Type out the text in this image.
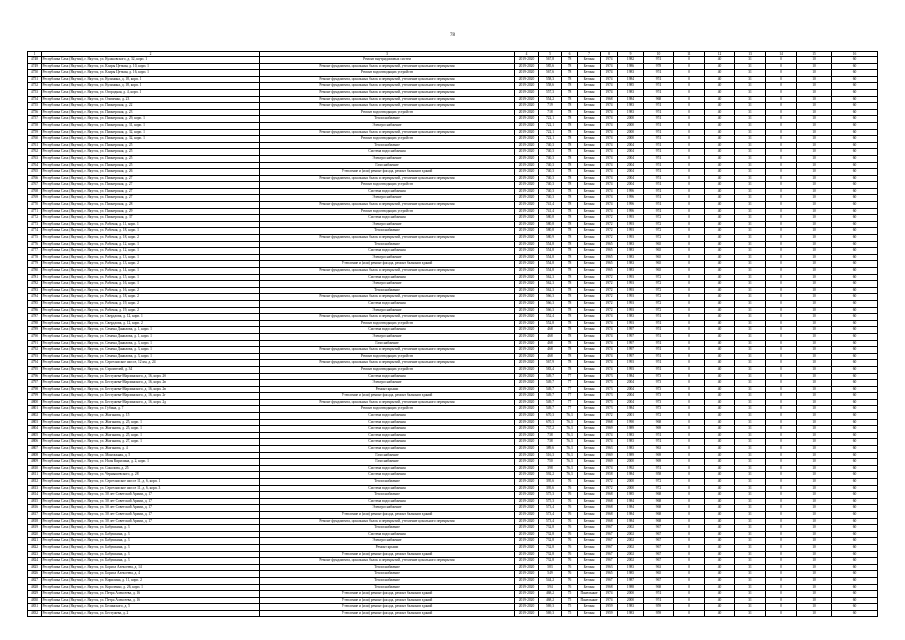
78
1	2	3	4	5	6	7	8	9	10	11	12	13	14	15	16
4748	Республика Саха (Якутия), г. Якутск, ул. Кулаковского, д. 32, корп. 1	Ремонт внутридомовых систем	2019-2020	567,8	78	Бетонн	1974	1982	974	0	40	31	0	10	60
4749	Республика Саха (Якутия), г. Якутск, ул. Клары Цеткин, д. 10, корп. 1	Ремонт фундамента, цокольных балок и перекрытий, утепление цокольного перекрытия	2019-2020	585,6	78	Бетонн	1974	1986	978	0	40	31	0	10	60
4750	Республика Саха (Якутия), г. Якутск, ул. Клары Цеткин, д. 16, корп. 1	Ремонт водоотводящих устройств	2019-2020	567,6	78	Бетонн	1974	1983	974	0	40	31	0	10	60
4751	Республика Саха (Якутия), г. Якутск, ул. Кузьмина, д. 18, корп. 1	Ремонт фундамента, цокольных балок и перекрытий, утепление цокольного перекрытия	2019-2020	558,3	78	Бетонн	1974	1984	974	0	40	31	0	10	60
4752	Республика Саха (Якутия), г. Якутск, ул. Кузьмина, д. 18, корп. 1	Ремонт фундамента, цокольных балок и перекрытий, утепление цокольного перекрытия	2019-2020	558,6	78	Бетонн	1974	1985	974	0	40	31	0	10	60
4753	Республика Саха (Якутия), г. Якутск, ул. Огородная, д. 4, корп. 1	Ремонт фундамента, цокольных балок и перекрытий, утепление цокольного перекрытия	2019-2020	557,3	78	Бетонн	1974	1983	974	0	40	31	0	10	60
4754	Республика Саха (Якутия), г. Якутск, ул. Очиченко, д. 23	Ремонт фундамента, цокольных балок и перекрытий, утепление цокольного перекрытия	2019-2020	554,2	78	Бетонн	1968	1984	968	0	40	31	0	10	60
4755	Республика Саха (Якутия), г. Якутск, ул. Пионерская, д. 22	Ремонт фундамента, цокольных балок и перекрытий, утепление цокольного перекрытия	2019-2020	719	78	Бетонн	1974	1983	974	0	40	31	0	10	60
4756	Республика Саха (Якутия), г. Якутск, ул. Пионерская, д. 23	Ремонт водоотводящих устройств	2019-2020	718	78	Бетонн	1974	1983	974	0	40	31	0	10	60
4757	Республика Саха (Якутия), г. Якутск, ул. Пионерская, д. 29, корп. 1	Теплоснабжение	2019-2020	722,1	78	Бетонн	1974	2000	974	0	40	31	0	10	60
4758	Республика Саха (Якутия), г. Якутск, ул. Пионерская, д. 31, корп. 1	Электроснабжение	2019-2020	722,1	78	Бетонн	1974	2000	974	0	40	31	0	10	60
4759	Республика Саха (Якутия), г. Якутск, ул. Пионерская, д. 32, корп. 1	Ремонт фундамента, цокольных балок и перекрытий, утепление цокольного перекрытия	2019-2020	722,1	78	Бетонн	1974	2000	974	0	40	31	0	10	60
4760	Республика Саха (Якутия), г. Якутск, ул. Пионерская, д. 32, корп. 1	Ремонт водоотводящих устройств	2019-2020	722,1	78	Бетонн	1974	2000	974	0	40	31	0	10	60
4761	Республика Саха (Якутия), г. Якутск, ул. Пионерская, д. 25	Теплоснабжение	2019-2020	740,3	78	Бетонн	1974	2004	974	0	40	31	0	10	60
4762	Республика Саха (Якутия), г. Якутск, ул. Пионерская, д. 25	Система водоснабжения	2019-2020	740,3	78	Бетонн	1974	2004	974	0	40	31	0	10	60
4763	Республика Саха (Якутия), г. Якутск, ул. Пионерская, д. 25	Электроснабжение	2019-2020	740,3	78	Бетонн	1974	2004	974	0	40	31	0	10	60
4764	Республика Саха (Якутия), г. Якутск, ул. Пионерская, д. 25	Газоснабжение	2019-2020	740,3	78	Бетонн	1974	2004	974	0	40	31	0	10	60
4765	Республика Саха (Якутия), г. Якутск, ул. Пионерская, д. 26	Утепление и (или) ремонт фасада, ремонт балконов зданий	2019-2020	740,3	78	Бетонн	1974	2004	974	0	40	31	0	10	60
4766	Республика Саха (Якутия), г. Якутск, ул. Пионерская, д. 27	Ремонт фундамента, цокольных балок и перекрытий, утепление цокольного перекрытия	2019-2020	740,3	78	Бетонн	1974	2004	974	0	40	31	0	10	60
4767	Республика Саха (Якутия), г. Якутск, ул. Пионерская, д. 27	Ремонт водоотводящих устройств	2019-2020	740,3	78	Бетонн	1974	2004	974	0	40	31	0	10	60
4768	Республика Саха (Якутия), г. Якутск, ул. Пионерская, д. 27	Система водоснабжения	2019-2020	740,3	78	Бетонн	1974	1996	974	0	40	31	0	10	60
4769	Республика Саха (Якутия), г. Якутск, ул. Пионерская, д. 27	Электроснабжение	2019-2020	740,3	78	Бетонн	1974	1996	974	0	40	31	0	10	60
4770	Республика Саха (Якутия), г. Якутск, ул. Пионерская, д. 28	Ремонт фундамента, цокольных балок и перекрытий, утепление цокольного перекрытия	2019-2020	741,4	78	Бетонн	1974	1996	974	0	40	31	0	10	60
4771	Республика Саха (Якутия), г. Якутск, ул. Пионерская, д. 29	Ремонт водоотводящих устройств	2019-2020	741,4	78	Бетонн	1974	1996	974	0	40	31	0	10	60
4772	Республика Саха (Якутия), г. Якутск, ул. Пионерская, д. 37	Система водоснабжения	2019-2020	580,8	78	Бетонн	1972	1993	972	0	40	31	0	10	60
4773	Республика Саха (Якутия), г. Якутск, ул. Рабочая, д. 11, корп. 1	Электроснабжение	2019-2020	580,8	78	Бетонн	1972	1993	972	0	40	31	0	10	60
4774	Республика Саха (Якутия), г. Якутск, ул. Рабочая, д. 18, корп. 1	Теплоснабжение	2019-2020	580,8	78	Бетонн	1972	1993	972	0	40	31	0	10	60
4775	Республика Саха (Якутия), г. Якутск, ул. Рабочая, д. 18, корп. 2	Ремонт фундамента, цокольных балок и перекрытий, утепление цокольного перекрытия	2019-2020	580,9	78	Бетонн	1972	1993	972	0	40	31	0	10	60
4776	Республика Саха (Якутия), г. Якутск, ул. Рабочая, д. 12, корп. 1	Теплоснабжение	2019-2020	554,8	78	Бетонн	1965	1983	965	0	40	31	0	10	60
4777	Республика Саха (Якутия), г. Якутск, ул. Рабочая, д. 12, корп. 1	Система водоснабжения	2019-2020	554,8	78	Бетонн	1965	1983	965	0	40	31	0	10	60
4778	Республика Саха (Якутия), г. Якутск, ул. Рабочая, д. 13, корп. 1	Электроснабжение	2019-2020	554,8	78	Бетонн	1965	1983	965	0	40	31	0	10	60
4779	Республика Саха (Якутия), г. Якутск, ул. Рабочая, д. 13, корп. 2	Утепление и (или) ремонт фасада, ремонт балконов зданий	2019-2020	554,8	78	Бетонн	1965	1983	965	0	40	31	0	10	60
4780	Республика Саха (Якутия), г. Якутск, ул. Рабочая, д. 14, корп. 1	Ремонт фундамента, цокольных балок и перекрытий, утепление цокольного перекрытия	2019-2020	554,8	78	Бетонн	1965	1983	965	0	40	31	0	10	60
4781	Республика Саха (Якутия), г. Якутск, ул. Рабочая, д. 15, корп. 1	Система водоснабжения	2019-2020	562,3	78	Бетонн	1972	1993	972	0	40	31	0	10	60
4782	Республика Саха (Якутия), г. Якутск, ул. Рабочая, д. 16, корп. 1	Электроснабжение	2019-2020	562,3	78	Бетонн	1972	1993	972	0	40	31	0	10	60
4783	Республика Саха (Якутия), г. Якутск, ул. Рабочая, д. 16, корп. 2	Теплоснабжение	2019-2020	562,3	78	Бетонн	1972	1993	972	0	40	31	0	10	60
4784	Республика Саха (Якутия), г. Якутск, ул. Рабочая, д. 18, корп. 2	Ремонт фундамента, цокольных балок и перекрытий, утепление цокольного перекрытия	2019-2020	566,3	78	Бетонн	1972	1993	972	0	40	31	0	10	60
4785	Республика Саха (Якутия), г. Якутск, ул. Рабочая, д. 19, корп. 2	Система водоснабжения	2019-2020	566,3	78	Бетонн	1972	1993	972	0	40	31	0	10	60
4786	Республика Саха (Якутия), г. Якутск, ул. Рабочая, д. 19, корп. 2	Электроснабжение	2019-2020	566,3	78	Бетонн	1972	1993	972	0	40	31	0	10	60
4787	Республика Саха (Якутия), г. Якутск, ул. Свердлова, д. 12, корп. 1	Ремонт фундамента, цокольных балок и перекрытий, утепление цокольного перекрытия	2019-2020	552,4	78	Бетонн	1974	1983	974	0	40	31	0	10	60
4788	Республика Саха (Якутия), г. Якутск, ул. Свердлова, д. 12, корп. 2	Ремонт водоотводящих устройств	2019-2020	552,8	78	Бетонн	1974	1993	974	0	40	31	0	10	60
4789	Республика Саха (Якутия), г. Якутск, ул. Семена Данилова, д. 1, корп. 1	Система водоснабжения	2019-2020	468	78	Бетонн	1974	1997	974	0	40	31	0	10	60
4790	Республика Саха (Якутия), г. Якутск, ул. Семена Данилова, д. 1, корп. 1	Электроснабжение	2019-2020	468	78	Бетонн	1974	1997	974	0	40	31	0	10	60
4791	Республика Саха (Якутия), г. Якутск, ул. Семена Данилова, д. 3, корп. 1	Газоснабжение	2019-2020	468	78	Бетонн	1974	1997	974	0	40	31	0	10	60
4792	Республика Саха (Якутия), г. Якутск, ул. Семена Данилова, д. 3, корп. 1	Ремонт фундамента, цокольных балок и перекрытий, утепление цокольного перекрытия	2019-2020	468	78	Бетонн	1974	1997	974	0	40	31	0	10	60
4793	Республика Саха (Якутия), г. Якутск, ул. Семена Данилова, д. 3, корп. 1	Ремонт водоотводящих устройств	2019-2020	468	78	Бетонн	1974	1997	974	0	40	31	0	10	60
4794	Республика Саха (Якутия), г. Якутск, ул. Сергеляхское шоссе, 12 км, д. 24	Ремонт фундамента, цокольных балок и перекрытий, утепление цокольного перекрытия	2019-2020	567,9	78	Бетонн	1974	1993	974	0	40	31	0	10	60
4795	Республика Саха (Якутия), г. Якутск, ул. Строителей, д. 34	Ремонт водоотводящих устройств	2019-2020	583,4	78	Бетонн	1974	1993	974	0	40	31	0	10	60
4796	Республика Саха (Якутия), г. Якутск, ул. Бестужева-Марлинского, д. 16, корп. 2б	Система водоснабжения	2019-2020	549,7	77	Бетонн	1973	1984	973	0	40	31	0	10	60
4797	Республика Саха (Якутия), г. Якутск, ул. Бестужева-Марлинского, д. 16, корп. 2в	Электроснабжение	2019-2020	549,7	77	Бетонн	1973	2004	973	0	40	31	0	10	60
4798	Республика Саха (Якутия), г. Якутск, ул. Бестужева-Марлинского, д. 16, корп. 2в	Ремонт крыши	2019-2020	549,7	77	Бетонн	1973	2004	973	0	40	31	0	10	60
4799	Республика Саха (Якутия), г. Якутск, ул. Бестужева-Марлинского, д. 16, корп. 2г	Утепление и (или) ремонт фасада, ремонт балконов зданий	2019-2020	549,7	77	Бетонн	1973	2004	973	0	40	31	0	10	60
4800	Республика Саха (Якутия), г. Якутск, ул. Бестужева-Марлинского, д. 16, корп. 2д	Ремонт фундамента, цокольных балок и перекрытий, утепление цокольного перекрытия	2019-2020	549,7	77	Бетонн	1973	2004	973	0	40	31	0	10	60
4801	Республика Саха (Якутия), г. Якутск, ул. Губина, д. 7	Ремонт водоотводящих устройств	2019-2020	549,7	77	Бетонн	1973	1984	973	0	40	31	0	10	60
4802	Республика Саха (Якутия), г. Якутск, ул. Жиганова, д. 15	Система водоснабжения	2019-2020	670,3	76,3	Бетонн	1972	2001	972	0	40	31	0	10	60
4803	Республика Саха (Якутия), г. Якутск, ул. Жиганова, д. 25, корп. 1	Система водоснабжения	2019-2020	670,3	76,3	Бетонн	1968	1990	968	0	40	31	0	10	60
4804	Республика Саха (Якутия), г. Якутск, ул. Жиганова, д. 25, корп. 1	Система водоснабжения	2019-2020	737,2	76,3	Бетонн	1969	1989	969	0	40	31	0	10	60
4805	Республика Саха (Якутия), г. Якутск, ул. Жиганова, д. 25, корп. 1	Система водоснабжения	2019-2020	738	76,3	Бетонн	1974	1983	974	0	40	31	0	10	60
4806	Республика Саха (Якутия), г. Якутск, ул. Жиганова, д. 27, корп. 1	Система водоснабжения	2019-2020	738	76,3	Бетонн	1974	1983	974	0	40	31	0	10	60
4807	Республика Саха (Якутия), г. Якутск, ул. Жиганова, д. 4	Система водоснабжения	2019-2020	389,6	76,3	Бетонн	1963	1983	963	0	40	31	0	10	60
4808	Республика Саха (Якутия), г. Якутск, ул. Монтажная, д. 5	Газоснабжение	2019-2020	516,3	76,3	Бетонн	1969	1989	969	0	40	31	0	10	60
4809	Республика Саха (Якутия), г. Якутск, ул. Ноля Кирилина, д. 2, корп. 1	Газоснабжение	2019-2020	750	76,3	Бетонн	1969	2000	969	0	40	31	0	10	60
4810	Республика Саха (Якутия), г. Якутск, ул. Соколова, д. 25	Система водоснабжения	2019-2020	398	76,3	Бетонн	1974	1992	974	0	40	31	0	10	60
4811	Республика Саха (Якутия), г. Якутск, ул. Чернышевского, д. 28	Система водоснабжения	2019-2020	592,2	76,3	Бетонн	1958	1984	958	0	40	31	0	10	60
4812	Республика Саха (Якутия), г. Якутск, ул. Сергеляхское шоссе 11, д. 6, корп. 1	Теплоснабжение	2019-2020	395,6	76	Бетонн	1972	2000	972	0	40	31	0	10	60
4813	Республика Саха (Якутия), г. Якутск, ул. Сергеляхское шоссе 11, д. 6, корп. 3	Система водоснабжения	2019-2020	395,6	76	Бетонн	1972	2000	972	0	40	31	0	10	60
4814	Республика Саха (Якутия), г. Якутск, ул. 50 лет Советской Армии, д. 17	Теплоснабжение	2019-2020	575,3	76	Бетонн	1968	1985	968	0	40	31	0	10	60
4815	Республика Саха (Якутия), г. Якутск, ул. 50 лет Советской Армии, д. 17	Система водоснабжения	2019-2020	575,3	76	Бетонн	1968	1984	968	0	40	31	0	10	60
4816	Республика Саха (Якутия), г. Якутск, ул. 50 лет Советской Армии, д. 17	Электроснабжение	2019-2020	573,4	76	Бетонн	1968	1984	968	0	40	31	0	10	60
4817	Республика Саха (Якутия), г. Якутск, ул. 50 лет Советской Армии, д. 17	Утепление и (или) ремонт фасада, ремонт балконов зданий	2019-2020	573,4	76	Бетонн	1968	1984	968	0	40	31	0	10	60
4818	Республика Саха (Якутия), г. Якутск, ул. 50 лет Советской Армии, д. 17	Ремонт фундамента, цокольных балок и перекрытий, утепление цокольного перекрытия	2019-2020	573,4	76	Бетонн	1968	1984	968	0	40	31	0	10	60
4819	Республика Саха (Якутия), г. Якутск, ул. Бабушкина, д. 3	Теплоснабжение	2019-2020	732,8	76	Бетонн	1967	2002	967	0	40	31	0	10	60
4820	Республика Саха (Якутия), г. Якутск, ул. Бабушкина, д. 3	Система водоснабжения	2019-2020	732,8	76	Бетонн	1967	2002	967	0	40	31	0	10	60
4821	Республика Саха (Якутия), г. Якутск, ул. Бабушкина, д. 3	Электроснабжение	2019-2020	732,8	76	Бетонн	1967	2002	967	0	40	31	0	10	60
4822	Республика Саха (Якутия), г. Якутск, ул. Бабушкина, д. 3	Ремонт крыши	2019-2020	732,8	76	Бетонн	1967	2002	967	0	40	31	0	10	60
4823	Республика Саха (Якутия), г. Якутск, ул. Бабушкина, д. 3	Утепление и (или) ремонт фасада, ремонт балконов зданий	2019-2020	732,8	76	Бетонн	1967	2002	967	0	40	31	0	10	60
4824	Республика Саха (Якутия), г. Якутск, ул. Бабушкина, д. 3	Ремонт фундамента, цокольных балок и перекрытий, утепление цокольного перекрытия	2019-2020	732,8	76	Бетонн	1967	2002	967	0	40	31	0	10	60
4825	Республика Саха (Якутия), г. Якутск, ул. Бориса Алексеева, д. 14	Теплоснабжение	2019-2020	583	76	Бетонн	1963	1983	963	0	40	31	0	10	60
4826	Республика Саха (Якутия), г. Якутск, ул. Бориса Алексеева, д. 4	Теплоснабжение	2019-2020	549	76	Бетонн	1965	1985	965	0	40	31	0	10	60
4827	Республика Саха (Якутия), г. Якутск, ул. Кирилина, д. 11, корп. 2	Теплоснабжение	2019-2020	544,2	76	Бетонн	1967	1987	967	0	40	31	0	10	60
4828	Республика Саха (Якутия), г. Якутск, ул. Короленко, д. 26, корп. 1	Теплоснабжение	2019-2020	594	76	Бетонн	1968	1988	968	0	40	31	0	10	60
4829	Республика Саха (Якутия), г. Якутск, ул. Петра Алексеева, д. 16	Утепление и (или) ремонт фасада, ремонт балконов зданий	2019-2020	468,2	75	Панельные	1974	2000	974	0	40	31	0	10	60
4830	Республика Саха (Якутия), г. Якутск, ул. Петра Алексеева, д. 16	Утепление и (или) ремонт фасада, ремонт балконов зданий	2019-2020	468,2	75	Панельные	1974	2000	974	0	40	31	0	10	60
4831	Республика Саха (Якутия), г. Якутск, ул. Белинского, д. 5	Утепление и (или) ремонт фасада, ремонт балконов зданий	2019-2020	569,3	75	Бетонн	1959	1983	959	0	40	31	0	10	60
4832	Республика Саха (Якутия), г. Якутск, ул. Бестужева, д. 2	Утепление и (или) ремонт фасада, ремонт балконов зданий	2019-2020	569,3	75	Бетонн	1959	1983	959	0	40	31	0	10	60
